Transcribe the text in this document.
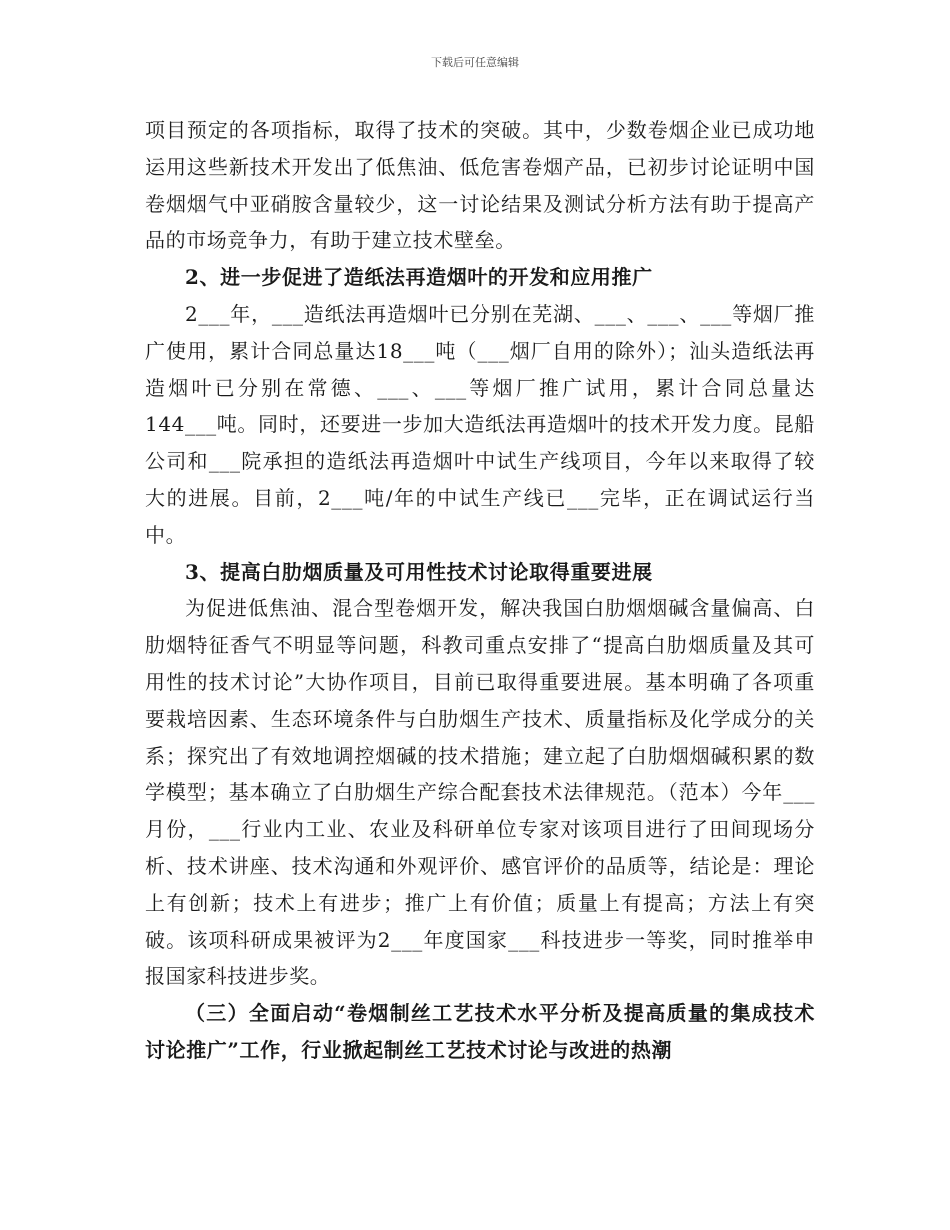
下载后可任意编辑

项目预定的各项指标，取得了技术的突破。其中，少数卷烟企业已成功地运用这些新技术开发出了低焦油、低危害卷烟产品，已初步讨论证明中国卷烟烟气中亚硝胺含量较少，这一讨论结果及测试分析方法有助于提高产品的市场竞争力，有助于建立技术壁垒。

2、进一步促进了造纸法再造烟叶的开发和应用推广

2___年，___造纸法再造烟叶已分别在芜湖、___、___、___等烟厂推广使用，累计合同总量达18___吨（___烟厂自用的除外）；汕头造纸法再造烟叶已分别在常德、___、___等烟厂推广试用，累计合同总量达144___吨。同时，还要进一步加大造纸法再造烟叶的技术开发力度。昆船公司和___院承担的造纸法再造烟叶中试生产线项目，今年以来取得了较大的进展。目前，2___吨/年的中试生产线已___完毕，正在调试运行当中。

3、提高白肋烟质量及可用性技术讨论取得重要进展

为促进低焦油、混合型卷烟开发，解决我国白肋烟烟碱含量偏高、白肋烟特征香气不明显等问题，科教司重点安排了“提高白肋烟质量及其可用性的技术讨论”大协作项目，目前已取得重要进展。基本明确了各项重要栽培因素、生态环境条件与白肋烟生产技术、质量指标及化学成分的关系；探究出了有效地调控烟碱的技术措施；建立起了白肋烟烟碱积累的数学模型；基本确立了白肋烟生产综合配套技术法律规范。（范本）今年___月份，___行业内工业、农业及科研单位专家对该项目进行了田间现场分析、技术讲座、技术沟通和外观评价、感官评价的品质等，结论是：理论上有创新；技术上有进步；推广上有价值；质量上有提高；方法上有突破。该项科研成果被评为2___年度国家___科技进步一等奖，同时推举申报国家科技进步奖。

（三）全面启动“卷烟制丝工艺技术水平分析及提高质量的集成技术讨论推广”工作，行业掀起制丝工艺技术讨论与改进的热潮
